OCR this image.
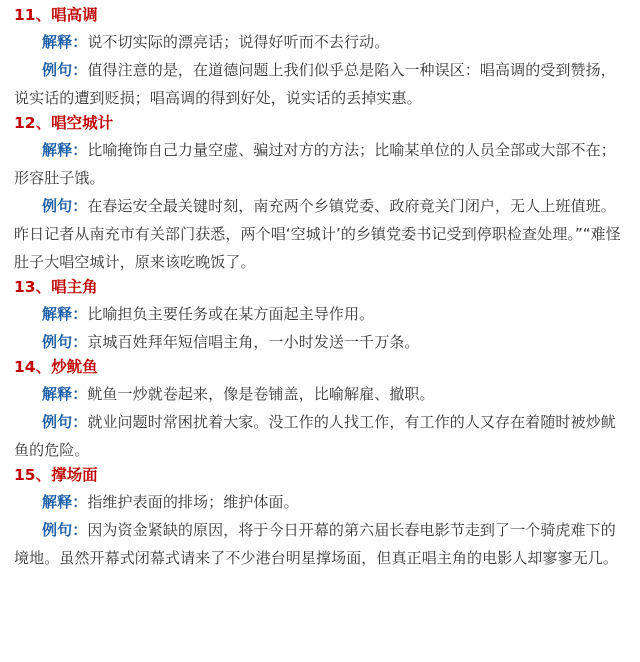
11、唱高调

解释：说不切实际的漂亮话；说得好听而不去行动。

例句：值得注意的是，在道德问题上我们似乎总是陷入一种误区：唱高调的受到赞扬，说实话的遭到贬损；唱高调的得到好处，说实话的丢掉实惠。

12、唱空城计

解释：比喻掩饰自己力量空虚、骗过对方的方法；比喻某单位的人员全部或大部不在；形容肚子饿。

例句：在春运安全最关键时刻，南充两个乡镇党委、政府竟关门闭户，无人上班值班。昨日记者从南充市有关部门获悉，两个唱‘空城计’的乡镇党委书记受到停职检查处理。”“难怪肚子大唱空城计，原来该吃晚饭了。

13、唱主角

解释：比喻担负主要任务或在某方面起主导作用。

例句：京城百姓拜年短信唱主角，一小时发送一千万条。

14、炒鱿鱼

解释：鱿鱼一炒就卷起来，像是卷铺盖，比喻解雇、撤职。

例句：就业问题时常困扰着大家。没工作的人找工作，有工作的人又存在着随时被炒鱿鱼的危险。

15、撑场面

解释：指维护表面的排场；维护体面。

例句：因为资金紧缺的原因，将于今日开幕的第六届长春电影节走到了一个骑虎难下的境地。虽然开幕式闭幕式请来了不少港台明星撑场面，但真正唱主角的电影人却寥寥无几。
